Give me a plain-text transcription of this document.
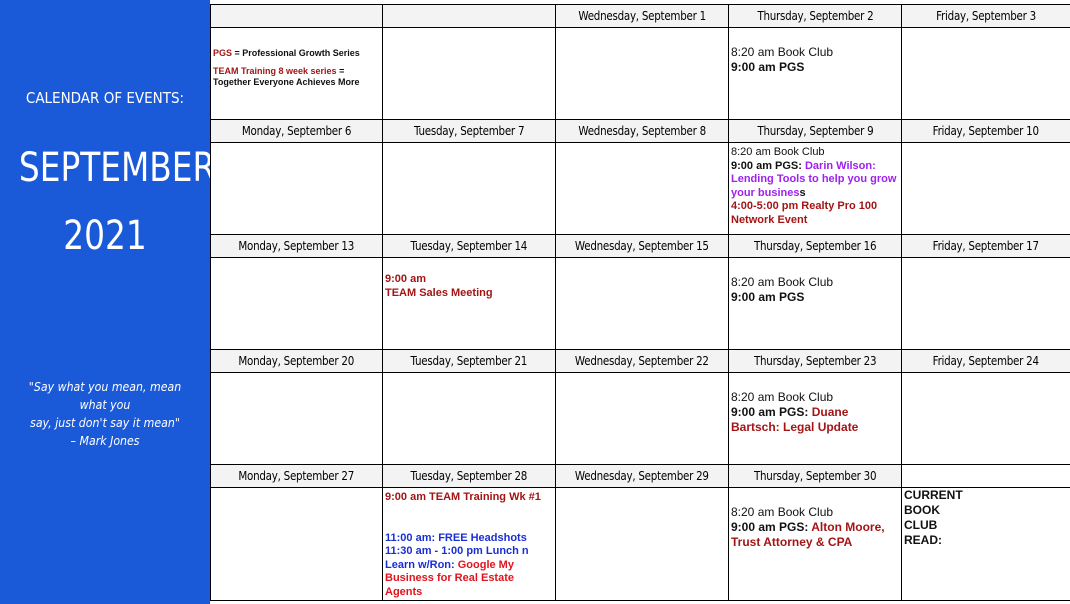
CALENDAR OF EVENTS:
SEPTEMBER
2021
"Say what you mean, mean what you
say, just don't say it mean"
– Mark Jones
		Wednesday, September 1	Thursday, September 2	Friday, September 3

PGS = Professional Growth Series
TEAM Training 8 week series =
Together Everyone Achieves More			8:20 am Book Club
9:00 am PGS	

Monday, September 6	Tuesday, September 7	Wednesday, September 8	Thursday, September 9	Friday, September 10

			8:20 am Book Club
9:00 am PGS: Darin Wilson: Lending Tools to help you grow your business
4:00-5:00 pm Realty Pro 100 Network Event	

Monday, September 13	Tuesday, September 14	Wednesday, September 15	Thursday, September 16	Friday, September 17

	9:00 am
TEAM Sales Meeting		8:20 am Book Club
9:00 am PGS	

Monday, September 20	Tuesday, September 21	Wednesday, September 22	Thursday, September 23	Friday, September 24

			8:20 am Book Club
9:00 am PGS: Duane Bartsch: Legal Update	

Monday, September 27	Tuesday, September 28	Wednesday, September 29	Thursday, September 30	

	9:00 am TEAM Training Wk #1
11:00 am: FREE Headshots
11:30 am - 1:00 pm Lunch n Learn w/Ron: Google My Business for Real Estate Agents		8:20 am Book Club
9:00 am PGS: Alton Moore, Trust Attorney & CPA	CURRENT
BOOK
CLUB
READ:
